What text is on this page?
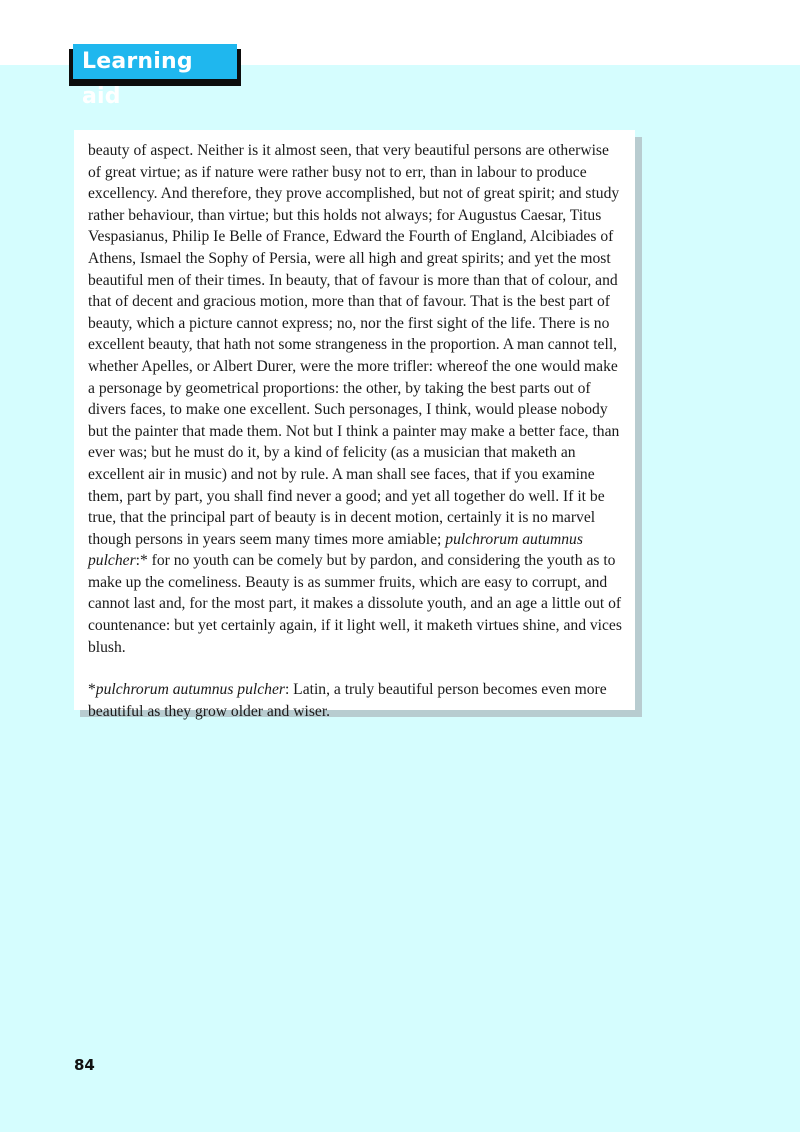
Learning aid

beauty of aspect. Neither is it almost seen, that very beautiful persons are otherwise of great virtue; as if nature were rather busy not to err, than in labour to produce excellency. And therefore, they prove accomplished, but not of great spirit; and study rather behaviour, than virtue; but this holds not always; for Augustus Caesar, Titus Vespasianus, Philip Ie Belle of France, Edward the Fourth of England, Alcibiades of Athens, Ismael the Sophy of Persia, were all high and great spirits; and yet the most beautiful men of their times. In beauty, that of favour is more than that of colour, and that of decent and gracious motion, more than that of favour. That is the best part of beauty, which a picture cannot express; no, nor the first sight of the life. There is no excellent beauty, that hath not some strangeness in the proportion. A man cannot tell, whether Apelles, or Albert Durer, were the more trifler: whereof the one would make a personage by geometrical proportions: the other, by taking the best parts out of divers faces, to make one excellent. Such personages, I think, would please nobody but the painter that made them. Not but I think a painter may make a better face, than ever was; but he must do it, by a kind of felicity (as a musician that maketh an excellent air in music) and not by rule. A man shall see faces, that if you examine them, part by part, you shall find never a good; and yet all together do well. If it be true, that the principal part of beauty is in decent motion, certainly it is no marvel though persons in years seem many times more amiable; pulchrorum autumnus pulcher:* for no youth can be comely but by pardon, and considering the youth as to make up the comeliness. Beauty is as summer fruits, which are easy to corrupt, and cannot last and, for the most part, it makes a dissolute youth, and an age a little out of countenance: but yet certainly again, if it light well, it maketh virtues shine, and vices blush.

*pulchrorum autumnus pulcher: Latin, a truly beautiful person becomes even more beautiful as they grow older and wiser.

84
